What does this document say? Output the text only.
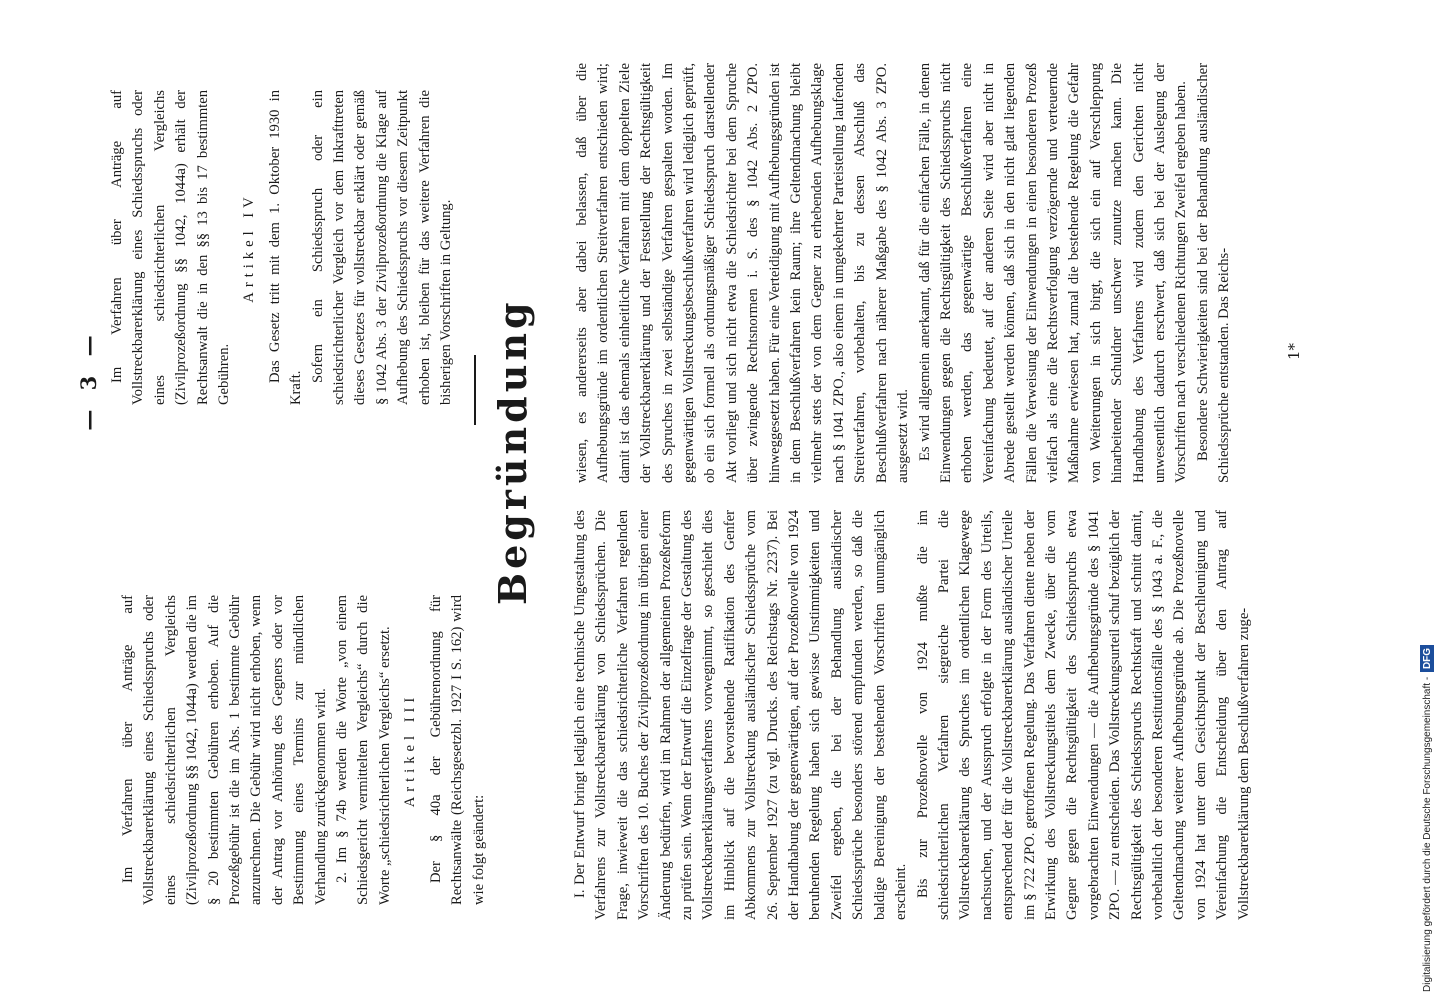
— 3 —

Im Verfahren über Anträge auf Vollstreckbarerklärung eines Schiedsspruchs oder eines schiedsrichterlichen Vergleichs (Zivilprozeßordnung §§ 1042, 1044a) werden die im § 20 bestimmten Gebühren erhoben. Auf die Prozeßgebühr ist die im Abs. 1 bestimmte Gebühr anzurechnen. Die Gebühr wird nicht erhoben, wenn der Antrag vor Anhörung des Gegners oder vor Bestimmung eines Termins zur mündlichen Verhandlung zurückgenommen wird. 2. Im § 74b werden die Worte „von einem Schiedsgericht vermittelten Vergleichs“ durch die Worte „schiedsrichterlichen Vergleichs“ ersetzt. Artikel III Der § 40a der Gebührenordnung für Rechtsanwälte (Reichsgesetzbl. 1927 I S. 162) wird wie folgt geändert:

Im Verfahren über Anträge auf Vollstreckbarerklärung eines Schiedsspruchs oder eines schiedsrichterlichen Vergleichs (Zivilprozeßordnung §§ 1042, 1044a) erhält der Rechtsanwalt die in den §§ 13 bis 17 bestimmten Gebühren.

Artikel IV Das Gesetz tritt mit dem 1. Oktober 1930 in Kraft.

Sofern ein Schiedsspruch oder ein schiedsrichterlicher Vergleich vor dem Inkrafttreten dieses Gesetzes für vollstreckbar erklärt oder gemäß § 1042 Abs. 3 der Zivilprozeßordnung die Klage auf Aufhebung des Schiedsspruchs vor diesem Zeitpunkt erhoben ist, bleiben für das weitere Verfahren die bisherigen Vorschriften in Geltung. Begründung

I. Der Entwurf bringt lediglich eine technische Umgestaltung des Verfahrens zur Vollstreckbarerklärung von Schiedssprüchen. Die Frage, inwieweit die das schiedsrichterliche Verfahren regelnden Vorschriften des 10. Buches der Zivilprozeßordnung im übrigen einer Änderung bedürfen, wird im Rahmen der allgemeinen Prozeßreform zu prüfen sein. Wenn der Entwurf die Einzelfrage der Gestaltung des Vollstreckbarerklärungsverfahrens vorwegnimmt, so geschieht dies im Hinblick auf die bevorstehende Ratifikation des Genfer Abkommens zur Vollstreckung ausländischer Schiedssprüche vom 26. September 1927 (zu vgl. Drucks. des Reichstags Nr. 2237). Bei der Handhabung der gegenwärtigen, auf der Prozeßnovelle von 1924 beruhenden Regelung haben sich gewisse Unstimmigkeiten und Zweifel ergeben, die bei der Behandlung ausländischer Schiedssprüche besonders störend empfunden werden, so daß die baldige Bereinigung der bestehenden Vorschriften unumgänglich erscheint. Bis zur Prozeßnovelle von 1924 mußte die im schiedsrichterlichen Verfahren siegreiche Partei die Vollstreckbarerklärung des Spruches im ordentlichen Klagewege nachsuchen, und der Ausspruch erfolgte in der Form des Urteils, entsprechend der für die Vollstreckbarerklärung ausländischer Urteile im § 722 ZPO. getroffenen Regelung. Das Verfahren diente neben der Erwirkung des Vollstreckungstitels dem Zwecke, über die vom Gegner gegen die Rechtsgültigkeit des Schiedsspruchs etwa vorgebrachten Einwendungen — die Aufhebungsgründe des § 1041 ZPO. — zu entscheiden. Das Vollstreckungsurteil schuf bezüglich der Rechtsgültigkeit des Schiedsspruchs Rechtskraft und schnitt damit, vorbehaltlich der besonderen Restitutionsfälle des § 1043 a. F., die Geltendmachung weiterer Aufhebungsgründe ab. Die Prozeßnovelle von 1924 hat unter dem Gesichtspunkt der Beschleunigung und Vereinfachung die Entscheidung über den Antrag auf Vollstreckbarerklärung dem Beschlußverfahren zuge-

wiesen, es andererseits aber dabei belassen, daß über die Aufhebungsgründe im ordentlichen Streitverfahren entschieden wird; damit ist das ehemals einheitliche Verfahren mit dem doppelten Ziele der Vollstreckbarerklärung und der Feststellung der Rechtsgültigkeit des Spruches in zwei selbständige Verfahren gespalten worden. Im gegenwärtigen Vollstreckungsbeschlußverfahren wird lediglich geprüft, ob ein sich formell als ordnungsmäßiger Schiedsspruch darstellender Akt vorliegt und sich nicht etwa die Schiedsrichter bei dem Spruche über zwingende Rechtsnormen i. S. des § 1042 Abs. 2 ZPO. hinweggesetzt haben. Für eine Verteidigung mit Aufhebungsgründen ist in dem Beschlußverfahren kein Raum; ihre Geltendmachung bleibt vielmehr stets der von dem Gegner zu erhebenden Aufhebungsklage nach § 1041 ZPO., also einem in umgekehrter Parteistellung laufenden Streitverfahren, vorbehalten, bis zu dessen Abschluß das Beschlußverfahren nach näherer Maßgabe des § 1042 Abs. 3 ZPO. ausgesetzt wird. Es wird allgemein anerkannt, daß für die einfachen Fälle, in denen Einwendungen gegen die Rechtsgültigkeit des Schiedsspruchs nicht erhoben werden, das gegenwärtige Beschlußverfahren eine Vereinfachung bedeutet, auf der anderen Seite wird aber nicht in Abrede gestellt werden können, daß sich in den nicht glatt liegenden Fällen die Verweisung der Einwendungen in einen besonderen Prozeß vielfach als eine die Rechtsverfolgung verzögernde und verteuernde Maßnahme erwiesen hat, zumal die bestehende Regelung die Gefahr von Weiterungen in sich birgt, die sich ein auf Verschleppung hinarbeitender Schuldner unschwer zunutze machen kann. Die Handhabung des Verfahrens wird zudem den Gerichten nicht unwesentlich dadurch erschwert, daß sich bei der Auslegung der Vorschriften nach verschiedenen Richtungen Zweifel ergeben haben. Besondere Schwierigkeiten sind bei der Behandlung ausländischer Schiedssprüche entstanden. Das Reichs-	1*
Digitalisierung gefördert durch die Deutsche Forschungsgemeinschaft - DFG
